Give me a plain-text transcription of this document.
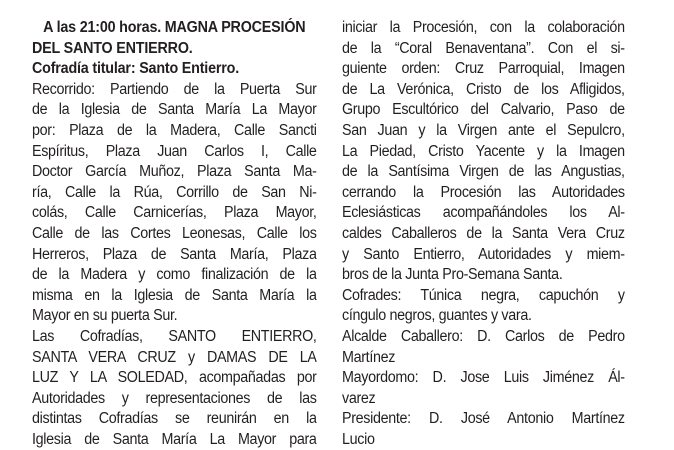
A las 21:00 horas. MAGNA PROCESIÓN
DEL SANTO ENTIERRO.
Cofradía titular: Santo Entierro.
Recorrido: Partiendo de la Puerta Sur
de la Iglesia de Santa María La Mayor
por: Plaza de la Madera, Calle Sancti
Espíritus, Plaza Juan Carlos I, Calle
Doctor García Muñoz, Plaza Santa Ma-
ría, Calle la Rúa, Corrillo de San Ni-
colás, Calle Carnicerías, Plaza Mayor,
Calle de las Cortes Leonesas, Calle los
Herreros, Plaza de Santa María, Plaza
de la Madera y como finalización de la
misma en la Iglesia de Santa María la
Mayor en su puerta Sur.
Las Cofradías, SANTO ENTIERRO,
SANTA VERA CRUZ y DAMAS DE LA
LUZ Y LA SOLEDAD, acompañadas por
Autoridades y representaciones de las
distintas Cofradías se reunirán en la
Iglesia de Santa María La Mayor para
iniciar la Procesión, con la colaboración
de la “Coral Benaventana”. Con el si-
guiente orden: Cruz Parroquial, Imagen
de La Verónica, Cristo de los Afligidos,
Grupo Escultórico del Calvario, Paso de
San Juan y la Virgen ante el Sepulcro,
La Piedad, Cristo Yacente y la Imagen
de la Santísima Virgen de las Angustias,
cerrando la Procesión las Autoridades
Eclesiásticas acompañándoles los Al-
caldes Caballeros de la Santa Vera Cruz
y Santo Entierro, Autoridades y miem-
bros de la Junta Pro-Semana Santa.
Cofrades: Túnica negra, capuchón y
cíngulo negros, guantes y vara.
Alcalde Caballero: D. Carlos de Pedro
Martínez
Mayordomo: D. Jose Luis Jiménez Ál-
varez
Presidente: D. José Antonio Martínez
Lucio
